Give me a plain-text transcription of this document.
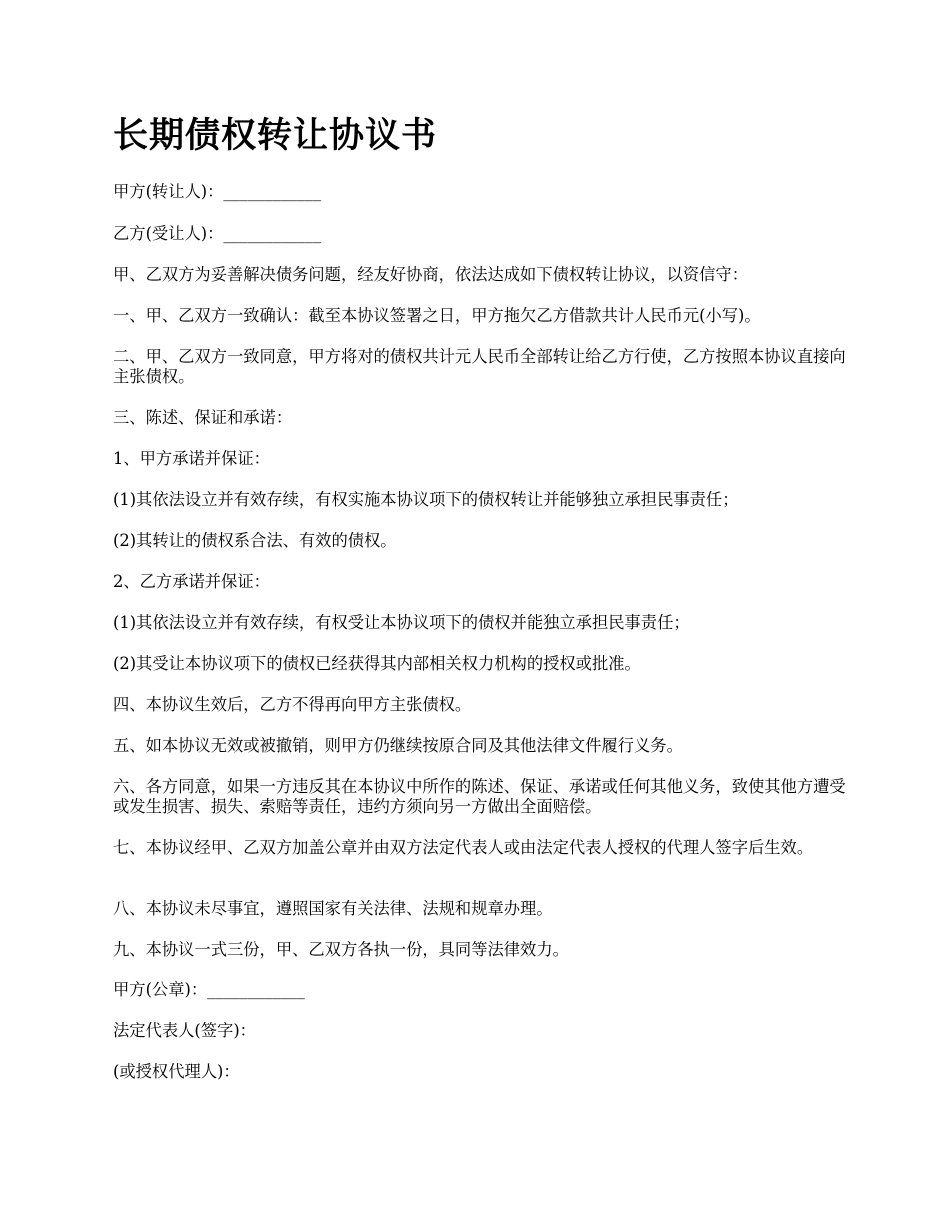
长期债权转让协议书

甲方(转让人)：____________

乙方(受让人)：____________

甲、乙双方为妥善解决债务问题，经友好协商，依法达成如下债权转让协议，以资信守：

一、甲、乙双方一致确认：截至本协议签署之日，甲方拖欠乙方借款共计人民币元(小写)。

二、甲、乙双方一致同意，甲方将对的债权共计元人民币全部转让给乙方行使，乙方按照本协议直接向主张债权。

三、陈述、保证和承诺：

1、甲方承诺并保证：

(1)其依法设立并有效存续，有权实施本协议项下的债权转让并能够独立承担民事责任；

(2)其转让的债权系合法、有效的债权。

2、乙方承诺并保证：

(1)其依法设立并有效存续，有权受让本协议项下的债权并能独立承担民事责任；

(2)其受让本协议项下的债权已经获得其内部相关权力机构的授权或批准。

四、本协议生效后，乙方不得再向甲方主张债权。

五、如本协议无效或被撤销，则甲方仍继续按原合同及其他法律文件履行义务。

六、各方同意，如果一方违反其在本协议中所作的陈述、保证、承诺或任何其他义务，致使其他方遭受或发生损害、损失、索赔等责任，违约方须向另一方做出全面赔偿。

七、本协议经甲、乙双方加盖公章并由双方法定代表人或由法定代表人授权的代理人签字后生效。

八、本协议未尽事宜，遵照国家有关法律、法规和规章办理。

九、本协议一式三份，甲、乙双方各执一份，具同等法律效力。

甲方(公章)：____________

法定代表人(签字)：

(或授权代理人)：
